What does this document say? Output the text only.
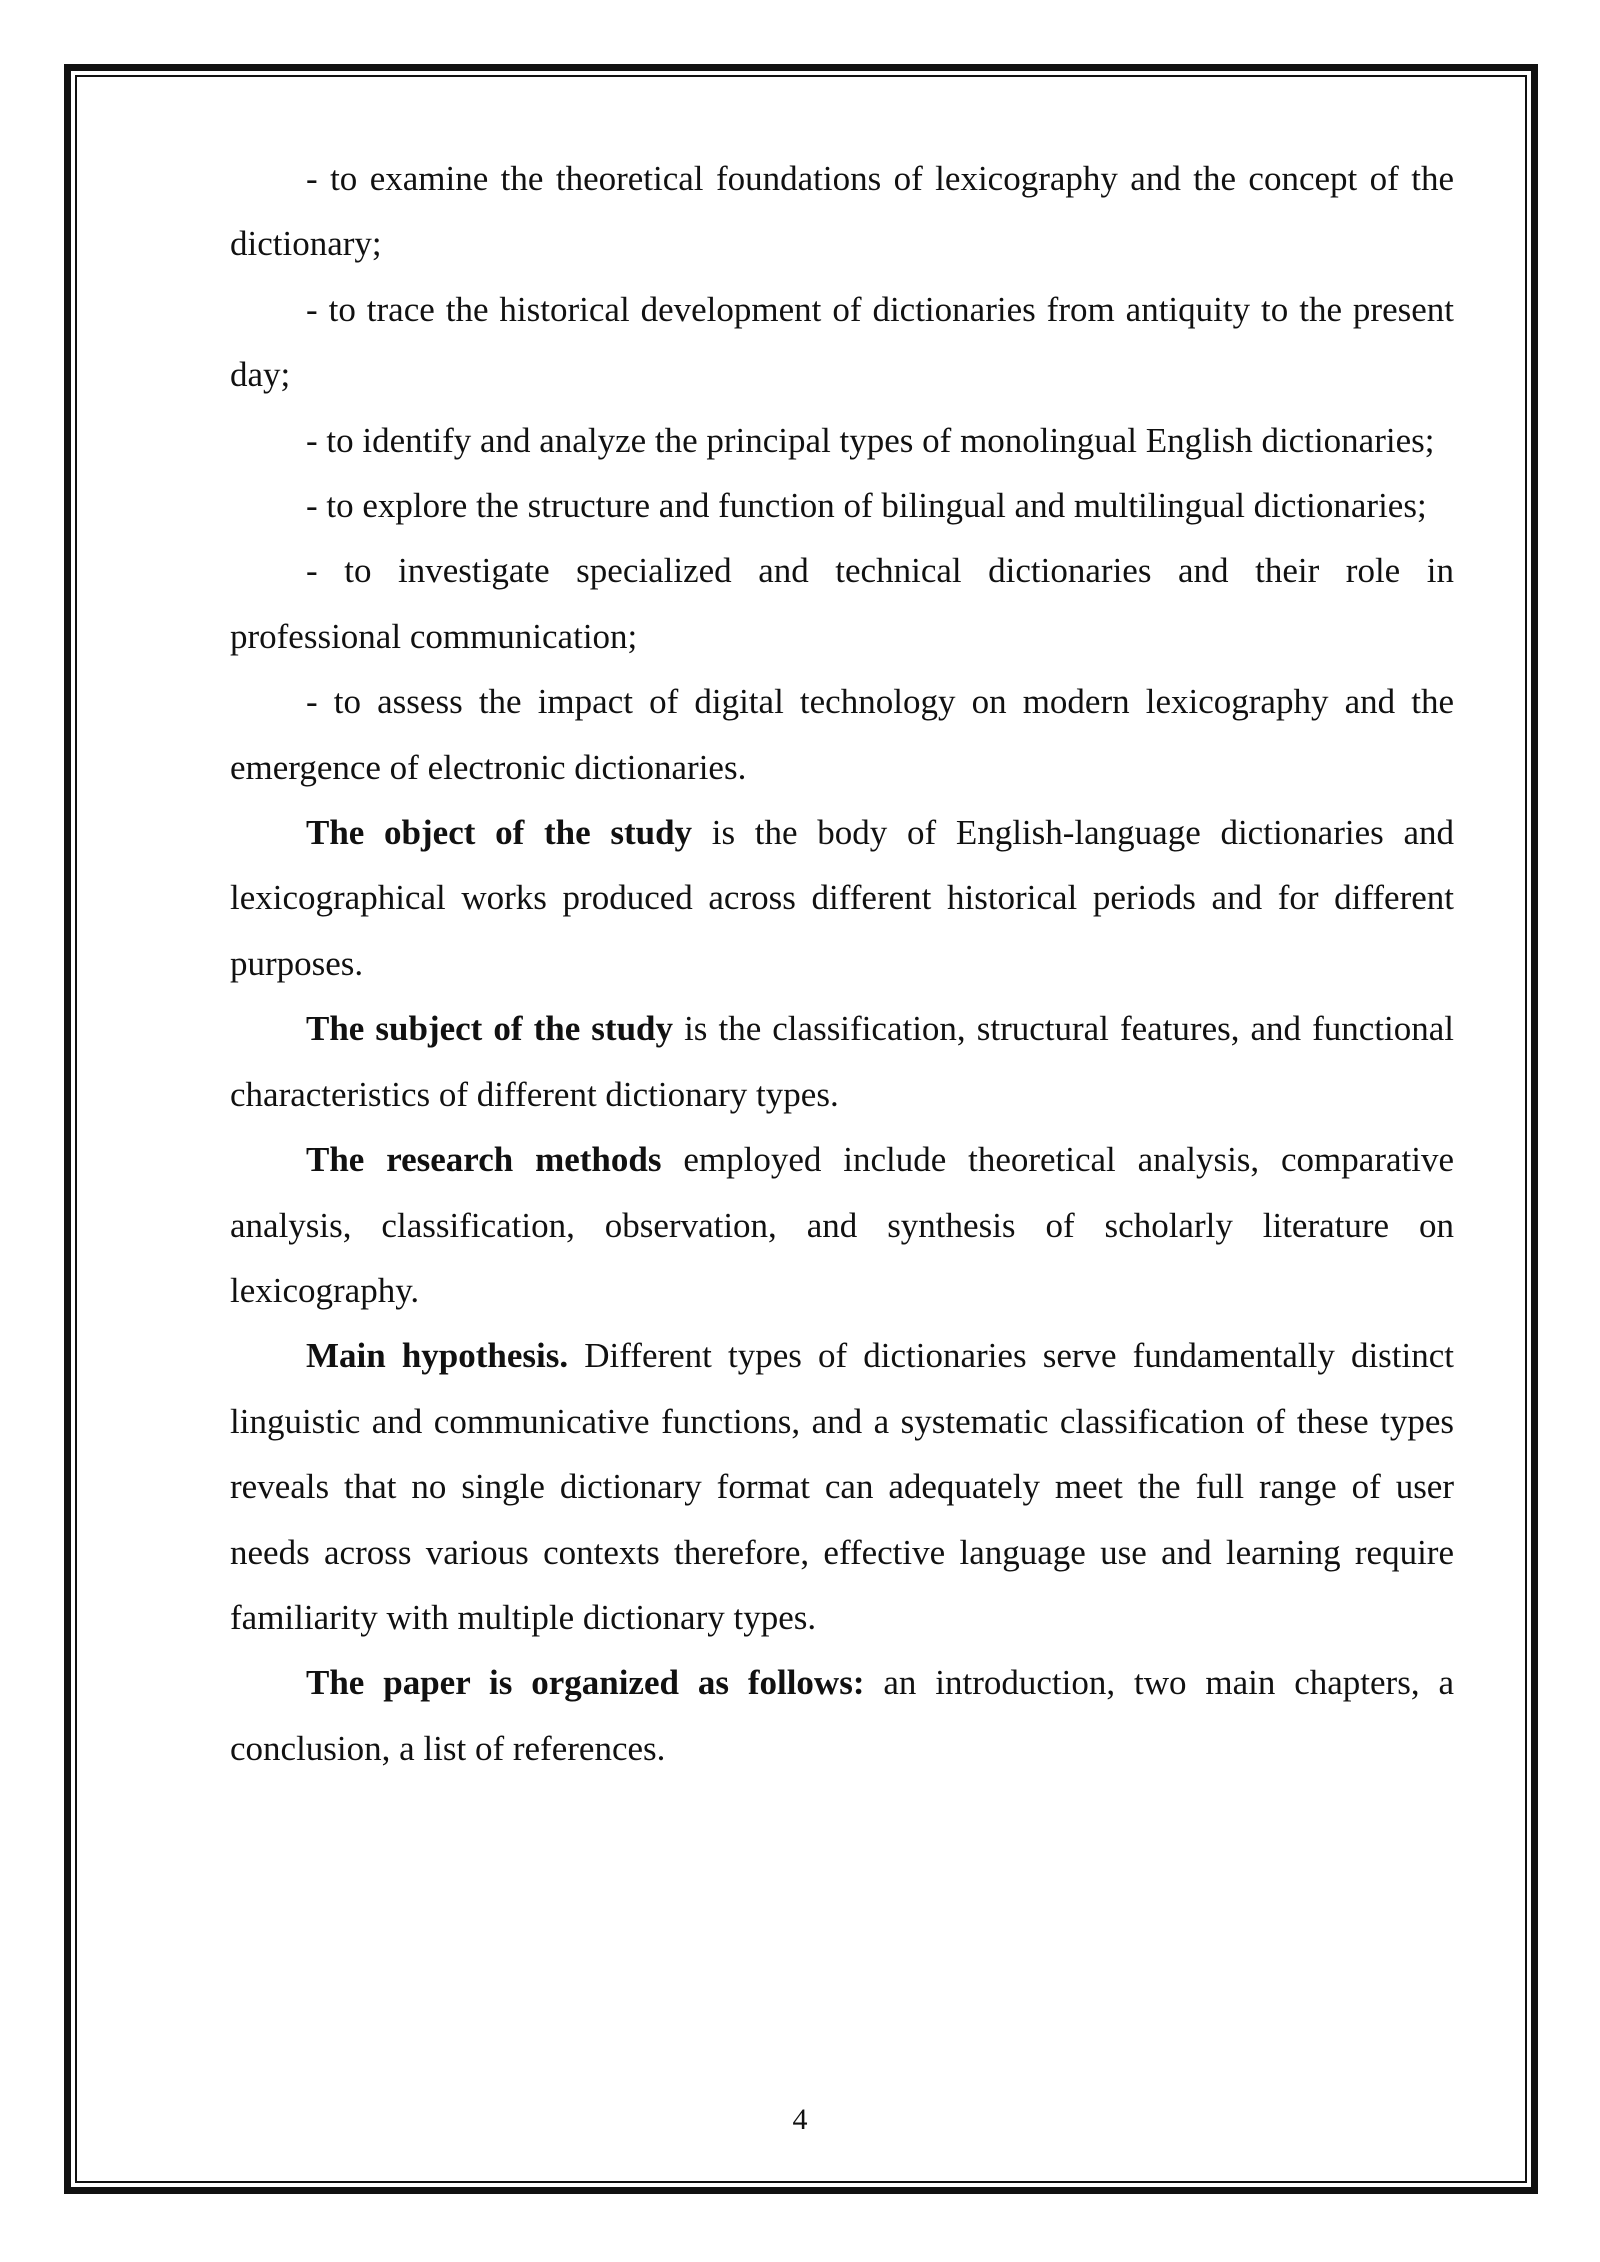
- to examine the theoretical foundations of lexicography and the concept of the dictionary;

- to trace the historical development of dictionaries from antiquity to the present day;

- to identify and analyze the principal types of monolingual English dictionaries;

- to explore the structure and function of bilingual and multilingual dictionaries;

- to investigate specialized and technical dictionaries and their role in professional communication;

- to assess the impact of digital technology on modern lexicography and the emergence of electronic dictionaries.

The object of the study is the body of English-language dictionaries and lexicographical works produced across different historical periods and for different purposes.

The subject of the study is the classification, structural features, and functional characteristics of different dictionary types.

The research methods employed include theoretical analysis, comparative analysis, classification, observation, and synthesis of scholarly literature on lexicography.

Main hypothesis. Different types of dictionaries serve fundamentally distinct linguistic and communicative functions, and a systematic classification of these types reveals that no single dictionary format can adequately meet the full range of user needs across various contexts therefore, effective language use and learning require familiarity with multiple dictionary types.

The paper is organized as follows: an introduction, two main chapters, a conclusion, a list of references.

4
